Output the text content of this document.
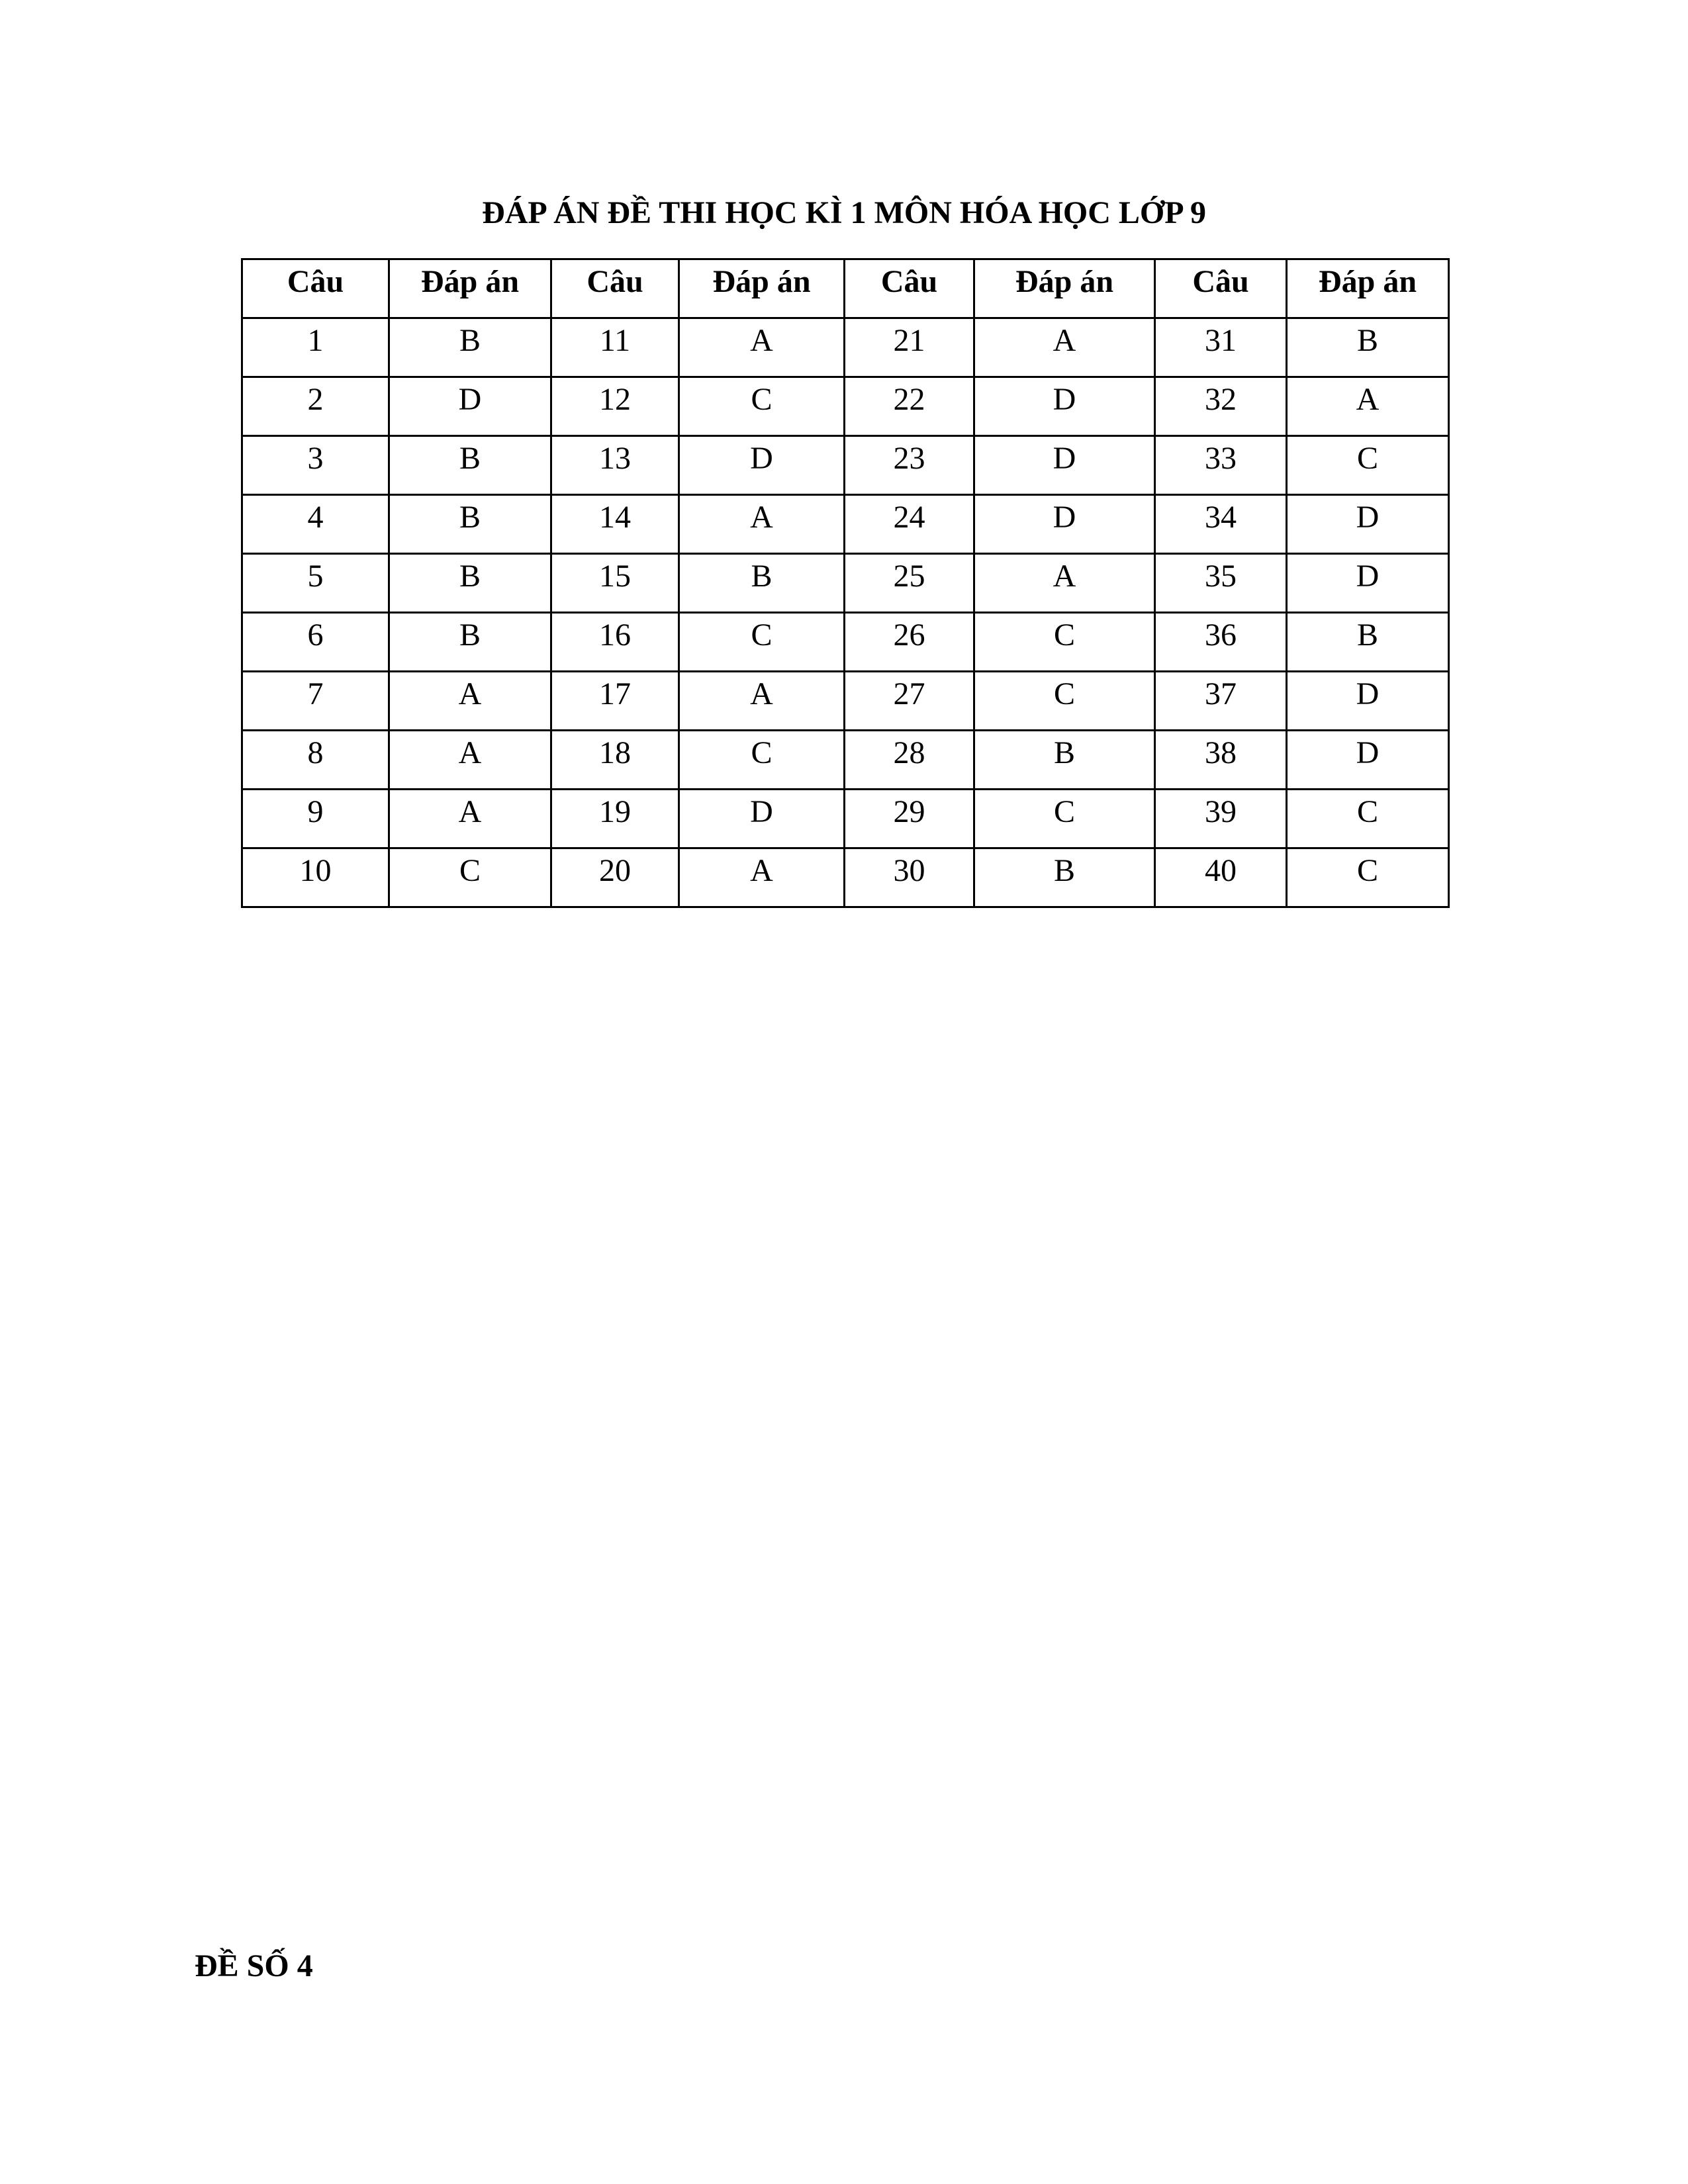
ĐÁP ÁN ĐỀ THI HỌC KÌ 1 MÔN HÓA HỌC LỚP 9
Câu	Đáp án	Câu	Đáp án	Câu	Đáp án	Câu	Đáp án

1	B	11	A	21	A	31	B

2	D	12	C	22	D	32	A

3	B	13	D	23	D	33	C

4	B	14	A	24	D	34	D

5	B	15	B	25	A	35	D

6	B	16	C	26	C	36	B

7	A	17	A	27	C	37	D

8	A	18	C	28	B	38	D

9	A	19	D	29	C	39	C

10	C	20	A	30	B	40	C
ĐỀ SỐ 4
